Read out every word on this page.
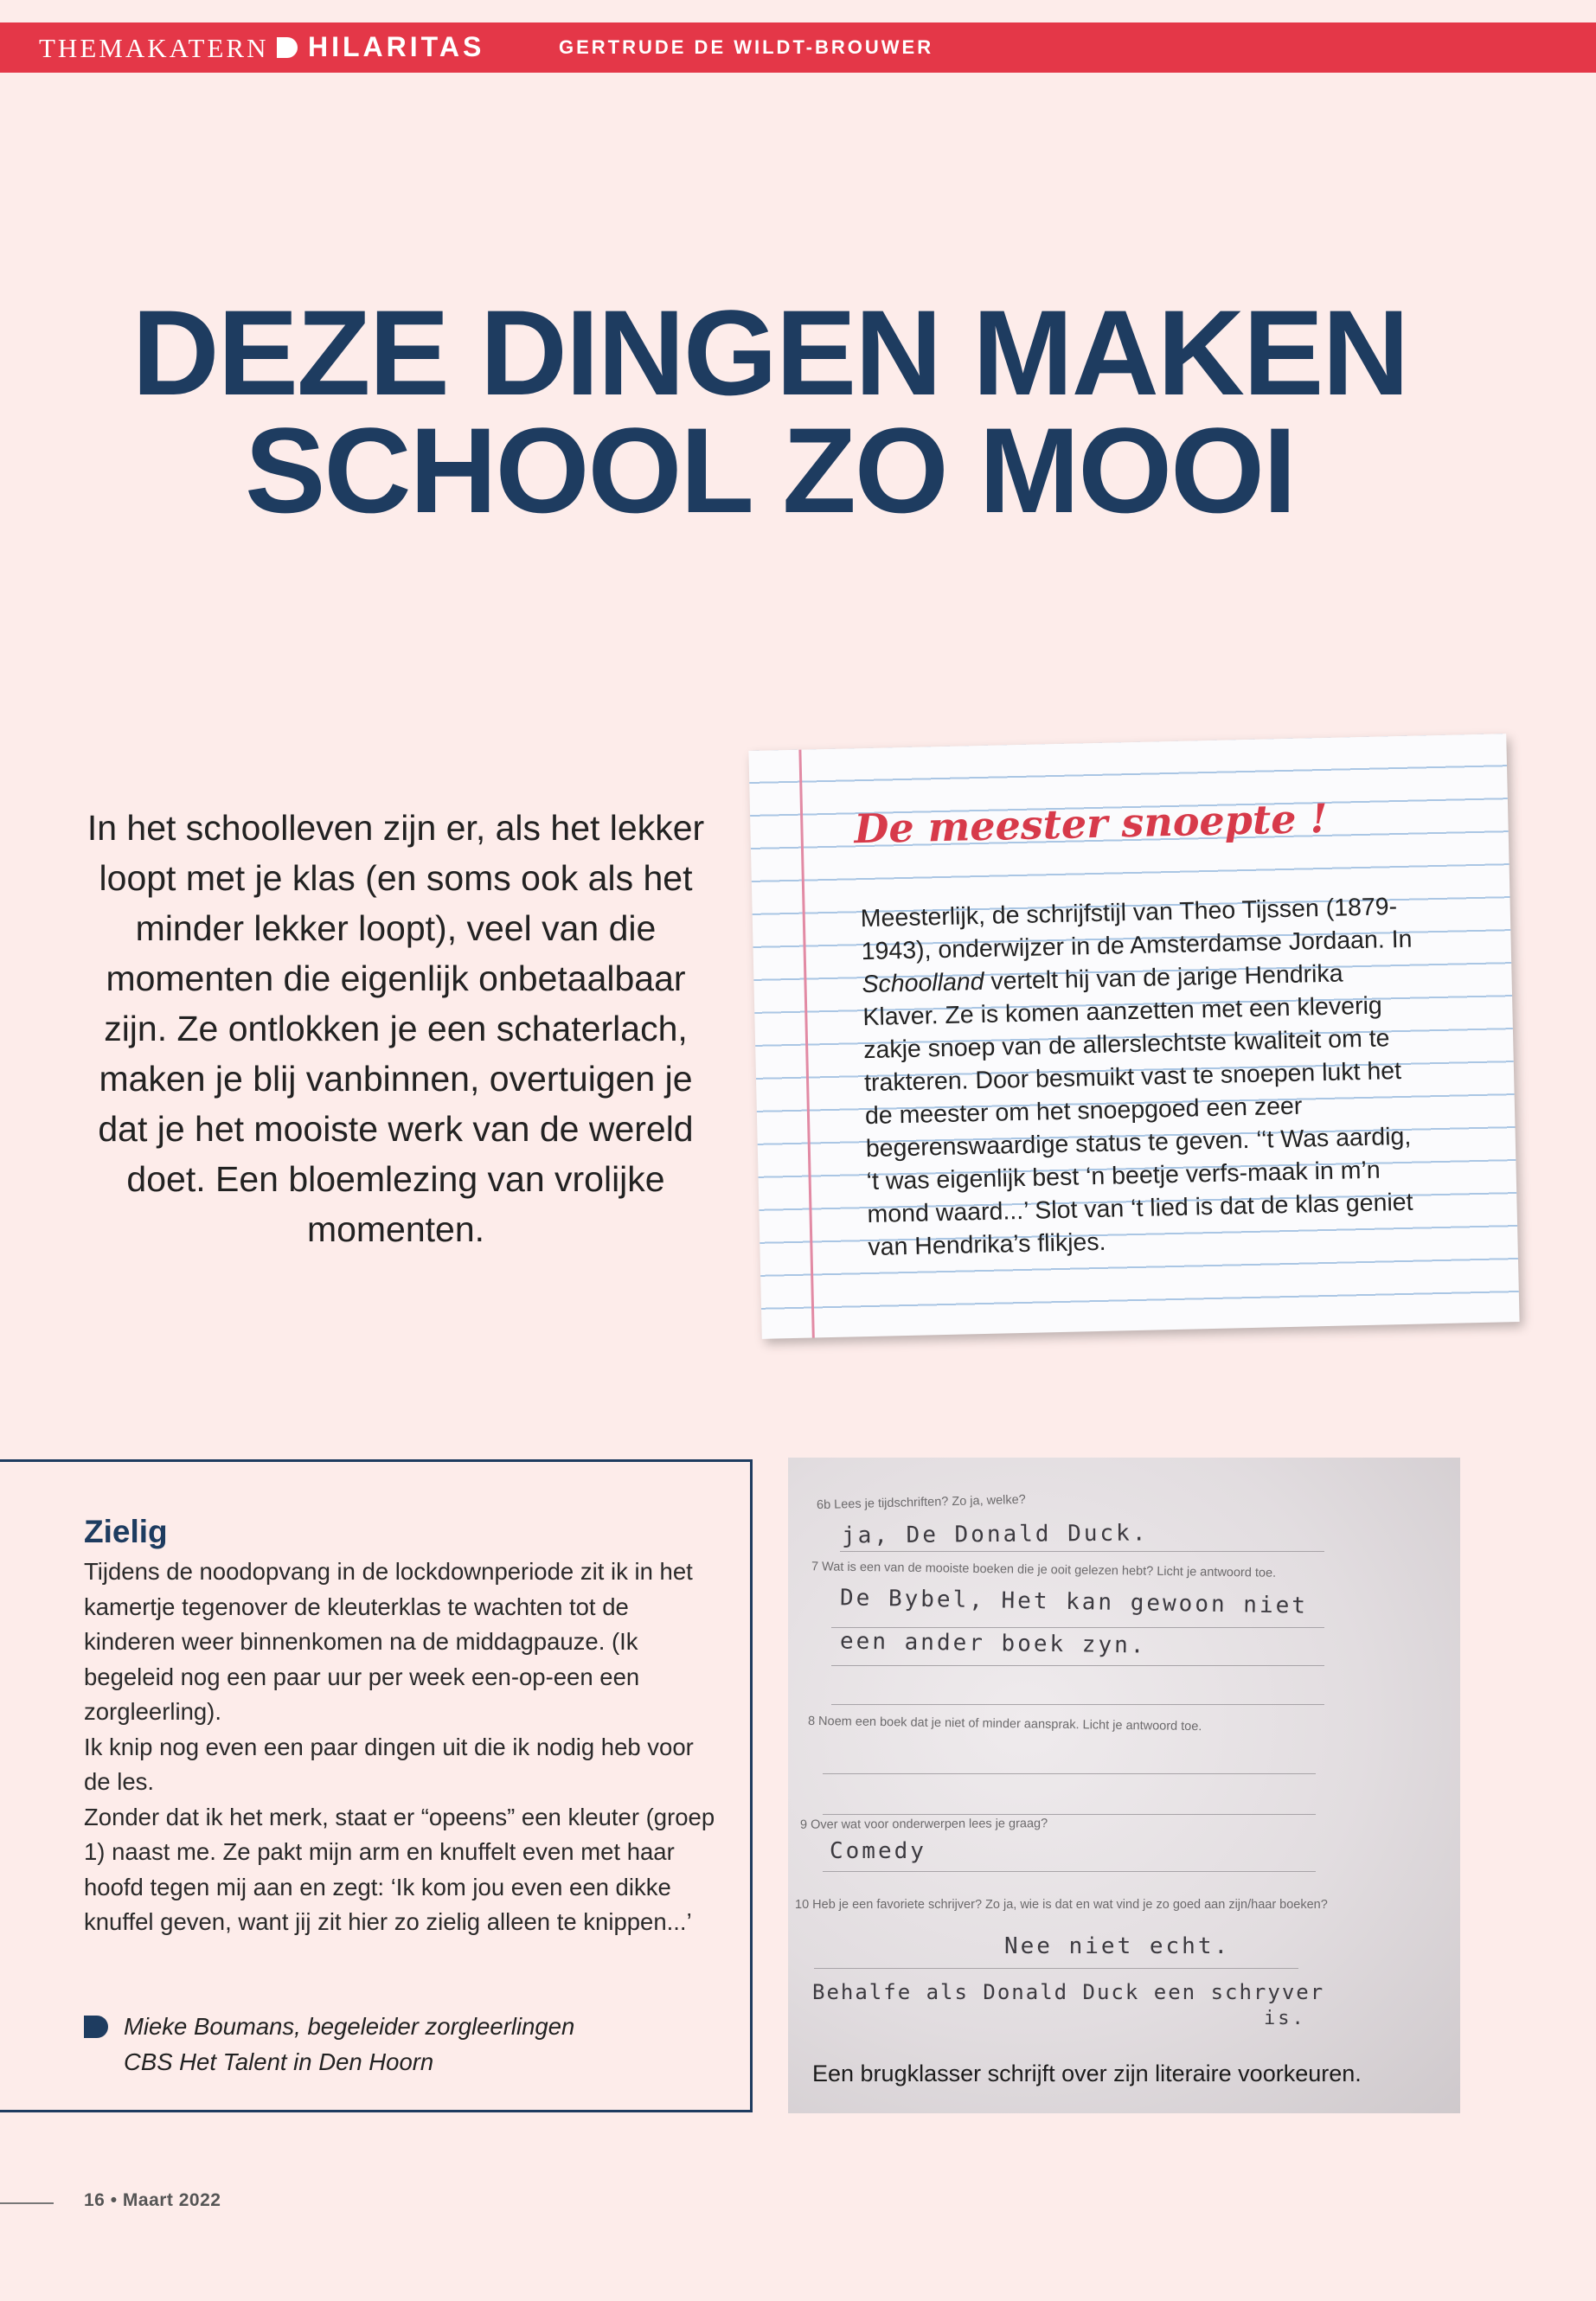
THEMAKATERN HILARITAS	GERTRUDE DE WILDT-BROUWER
DEZE DINGEN MAKEN
SCHOOL ZO MOOI
In het schoolleven zijn er, als het lekker loopt met je klas (en soms ook als het minder lekker loopt), veel van die momenten die eigenlijk onbetaalbaar zijn. Ze ontlokken je een schaterlach, maken je blij vanbinnen, overtuigen je dat je het mooiste werk van de wereld doet. Een bloemlezing van vrolijke momenten.
De meester snoepte !
Meesterlijk, de schrijfstijl van Theo Tijssen (1879-1943), onderwijzer in de Amsterdamse Jordaan. In Schoolland vertelt hij van de jarige Hendrika Klaver. Ze is komen aanzetten met een kleverig zakje snoep van de allerslechtste kwaliteit om te trakteren. Door besmuikt vast te snoepen lukt het de meester om het snoepgoed een zeer begerenswaardige status te geven. ‘‘t Was aardig, ‘t was eigenlijk best ‘n beetje verfs-maak in m’n mond waard...’ Slot van ‘t lied is dat de klas geniet van Hendrika’s flikjes.
Zielig

Tijdens de noodopvang in de lockdownperiode zit ik in het kamertje tegenover de kleuterklas te wachten tot de kinderen weer binnenkomen na de middagpauze. (Ik begeleid nog een paar uur per week een-op-een een zorgleerling).

Ik knip nog even een paar dingen uit die ik nodig heb voor de les.

Zonder dat ik het merk, staat er “opeens” een kleuter (groep 1) naast me. Ze pakt mijn arm en knuffelt even met haar hoofd tegen mij aan en zegt: ‘Ik kom jou even een dikke knuffel geven, want jij zit hier zo zielig alleen te knippen...’

Mieke Boumans, begeleider zorgleerlingen

CBS Het Talent in Den Hoorn

6b Lees je tijdschriften? Zo ja, welke?
ja, De Donald Duck.
7 Wat is een van de mooiste boeken die je ooit gelezen hebt? Licht je antwoord toe.
De Bybel, Het kan gewoon niet
een ander boek zyn.
8 Noem een boek dat je niet of minder aansprak. Licht je antwoord toe.
9 Over wat voor onderwerpen lees je graag?
Comedy
10 Heb je een favoriete schrijver? Zo ja, wie is dat en wat vind je zo goed aan zijn/haar boeken?
Nee niet echt.
Behalfe als Donald Duck een schryver
is.
Een brugklasser schrijft over zijn literaire voorkeuren.
16 • Maart 2022
